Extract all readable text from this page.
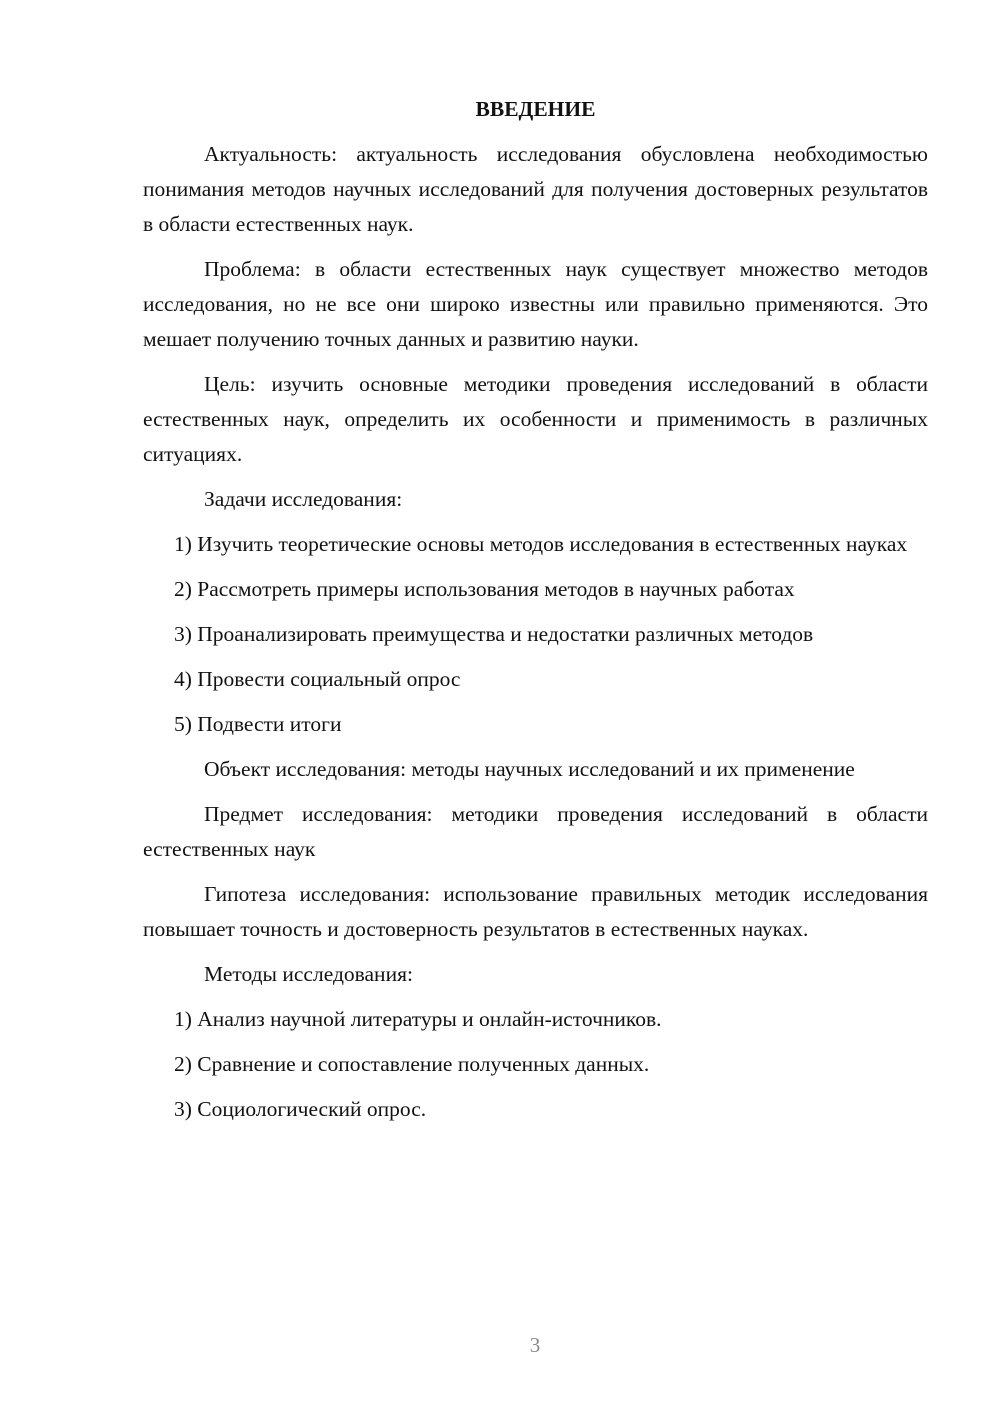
ВВЕДЕНИЕ
Актуальность: актуальность исследования обусловлена необходимостью понимания методов научных исследований для получения достоверных результатов в области естественных наук.
Проблема: в области естественных наук существует множество методов исследования, но не все они широко известны или правильно применяются. Это мешает получению точных данных и развитию науки.
Цель: изучить основные методики проведения исследований в области естественных наук, определить их особенности и применимость в различных ситуациях.
Задачи исследования:
1) Изучить теоретические основы методов исследования в естественных науках
2) Рассмотреть примеры использования методов в научных работах
3) Проанализировать преимущества и недостатки различных методов
4) Провести социальный опрос
5) Подвести итоги
Объект исследования: методы научных исследований и их применение
Предмет исследования: методики проведения исследований в области естественных наук
Гипотеза исследования: использование правильных методик исследования повышает точность и достоверность результатов в естественных науках.
Методы исследования:
1) Анализ научной литературы и онлайн-источников.
2) Сравнение и сопоставление полученных данных.
3) Социологический опрос.
3
